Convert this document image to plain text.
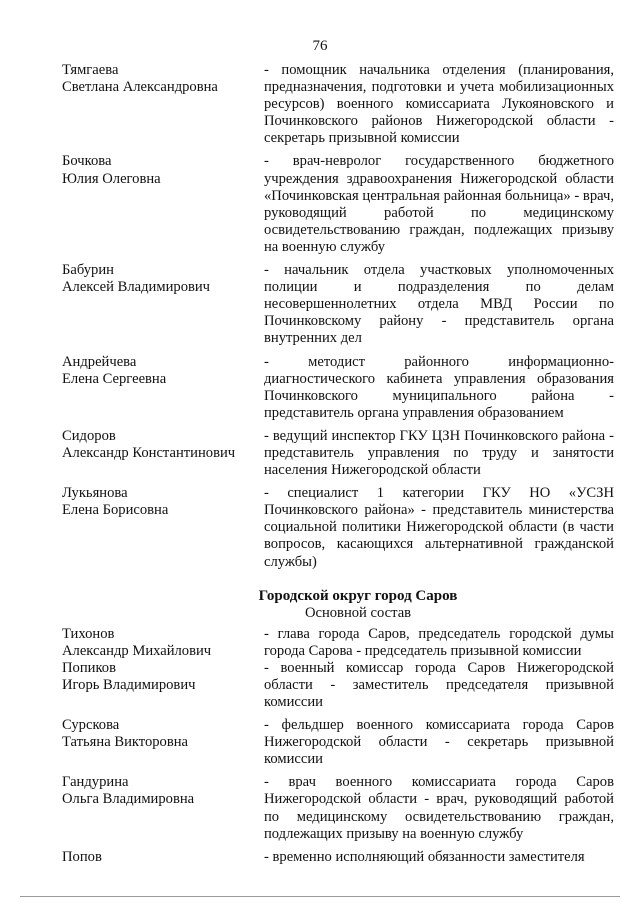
76
Тямгаева
Светлана Александровна
- помощник начальника отделения (планирования, предназначения, подготовки и учета мобилизационных ресурсов) военного комиссариата Лукояновского и Починковского районов Нижегородской области - секретарь призывной комиссии
Бочкова
Юлия Олеговна
- врач-невролог государственного бюджетного учреждения здравоохранения Нижегородской области «Починковская центральная районная больница» - врач, руководящий работой по медицинскому освидетельствованию граждан, подлежащих призыву на военную службу
Бабурин
Алексей Владимирович
- начальник отдела участковых уполномоченных полиции и подразделения по делам несовершеннолетних отдела МВД России по Починковскому району - представитель органа внутренних дел
Андрейчева
Елена Сергеевна
- методист районного информационно-диагностического кабинета управления образования Починковского муниципального района - представитель органа управления образованием
Сидоров
Александр Константинович
- ведущий инспектор ГКУ ЦЗН Починковского района - представитель управления по труду и занятости населения Нижегородской области
Лукьянова
Елена Борисовна
- специалист 1 категории ГКУ НО «УСЗН Починковского района» - представитель министерства социальной политики Нижегородской области (в части вопросов, касающихся альтернативной гражданской службы)
Городской округ город Саров
Основной состав
Тихонов
Александр Михайлович
- глава города Саров, председатель городской думы города Сарова - председатель призывной комиссии
Попиков
Игорь Владимирович
- военный комиссар города Саров Нижегородской области - заместитель председателя призывной комиссии
Сурскова
Татьяна Викторовна
- фельдшер военного комиссариата города Саров Нижегородской области - секретарь призывной комиссии
Гандурина
Ольга Владимировна
- врач военного комиссариата города Саров Нижегородской области - врач, руководящий работой по медицинскому освидетельствованию граждан, подлежащих призыву на военную службу
Попов	- временно исполняющий обязанности заместителя
